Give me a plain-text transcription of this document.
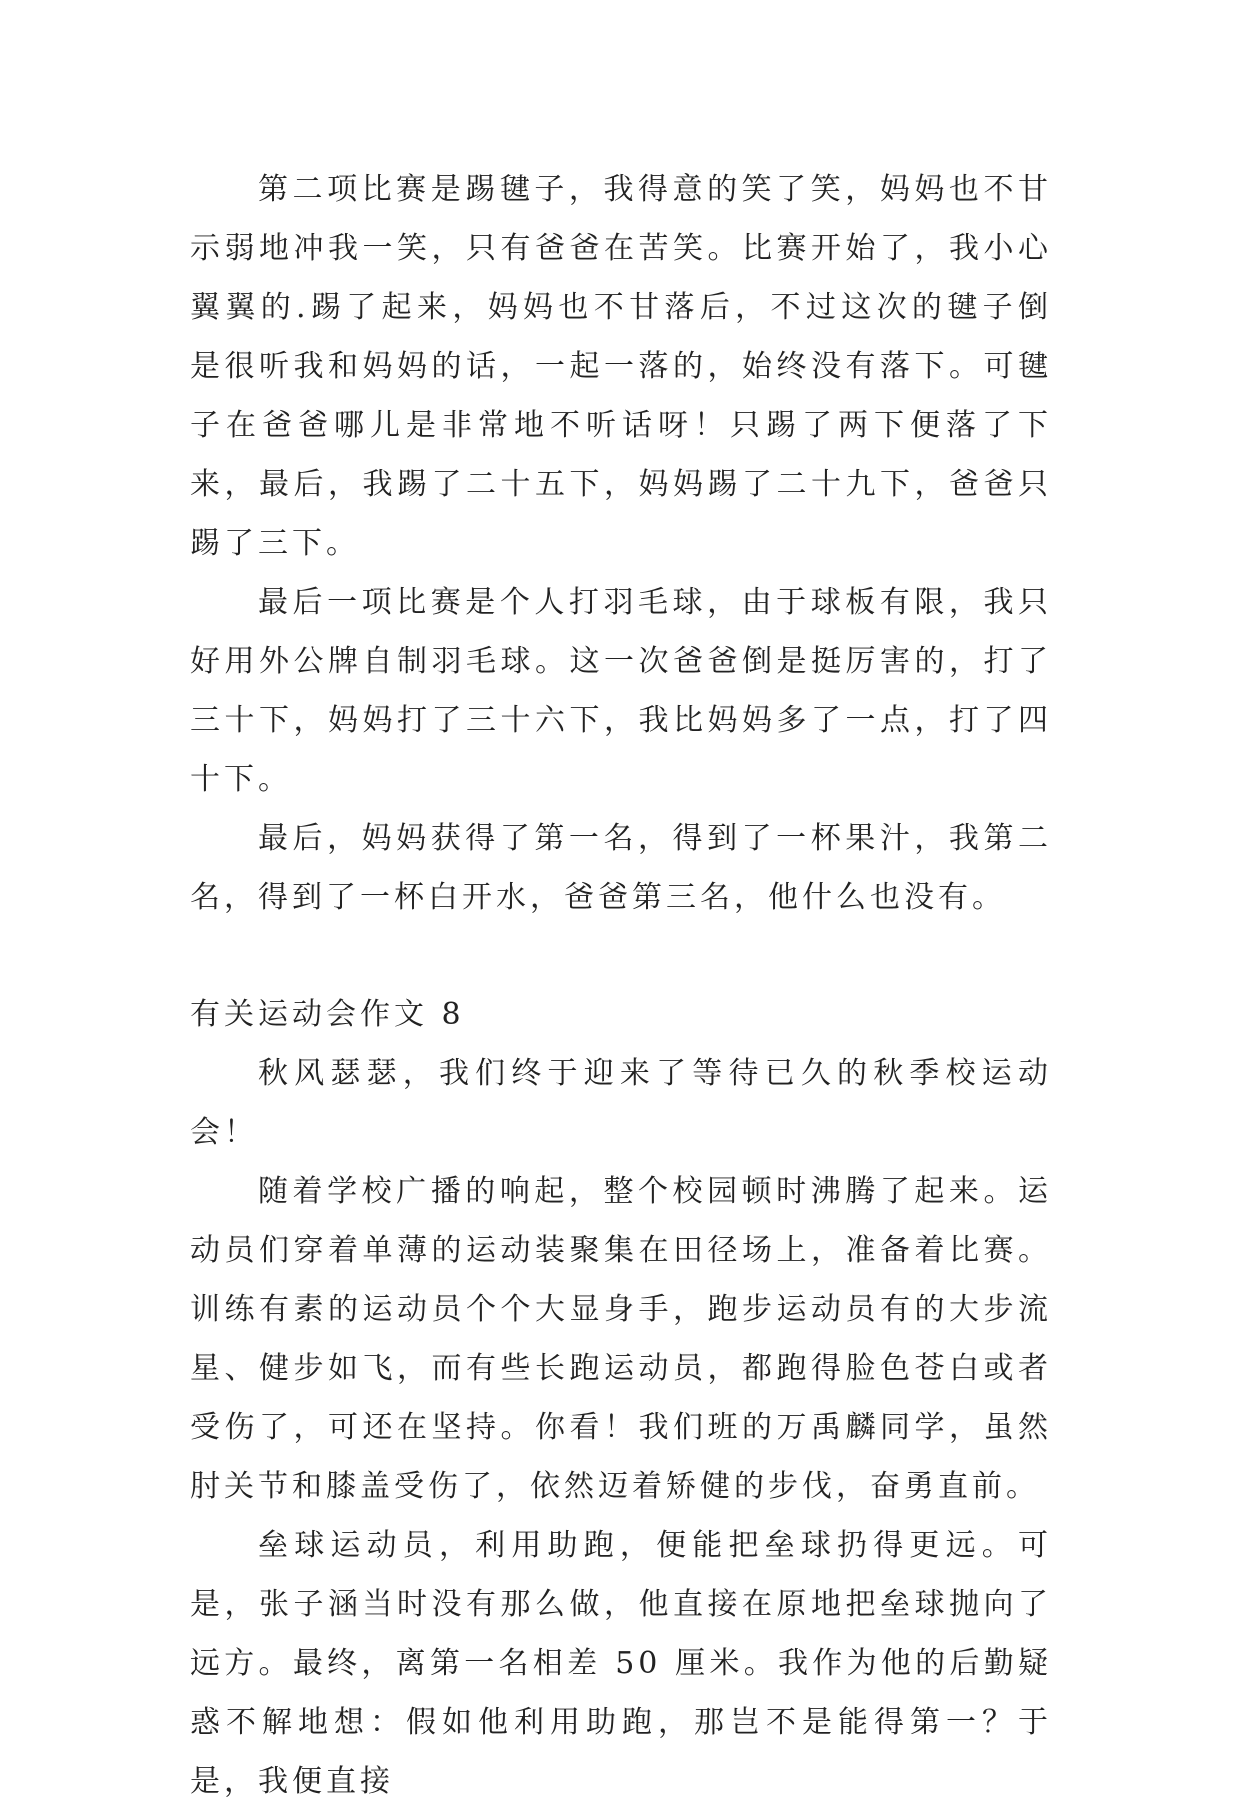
第二项比赛是踢毽子，我得意的笑了笑，妈妈也不甘示弱地冲我一笑，只有爸爸在苦笑。比赛开始了，我小心翼翼的.踢了起来，妈妈也不甘落后，不过这次的毽子倒是很听我和妈妈的话，一起一落的，始终没有落下。可毽子在爸爸哪儿是非常地不听话呀！只踢了两下便落了下来，最后，我踢了二十五下，妈妈踢了二十九下，爸爸只踢了三下。

最后一项比赛是个人打羽毛球，由于球板有限，我只好用外公牌自制羽毛球。这一次爸爸倒是挺厉害的，打了三十下，妈妈打了三十六下，我比妈妈多了一点，打了四十下。

最后，妈妈获得了第一名，得到了一杯果汁，我第二名，得到了一杯白开水，爸爸第三名，他什么也没有。

有关运动会作文 8

秋风瑟瑟，我们终于迎来了等待已久的秋季校运动会！

随着学校广播的响起，整个校园顿时沸腾了起来。运动员们穿着单薄的运动装聚集在田径场上，准备着比赛。训练有素的运动员个个大显身手，跑步运动员有的大步流星、健步如飞，而有些长跑运动员，都跑得脸色苍白或者受伤了，可还在坚持。你看！我们班的万禹麟同学，虽然肘关节和膝盖受伤了，依然迈着矫健的步伐，奋勇直前。

垒球运动员，利用助跑，便能把垒球扔得更远。可是，张子涵当时没有那么做，他直接在原地把垒球抛向了远方。最终，离第一名相差 50 厘米。我作为他的后勤疑惑不解地想：假如他利用助跑，那岂不是能得第一？于是，我便直接
